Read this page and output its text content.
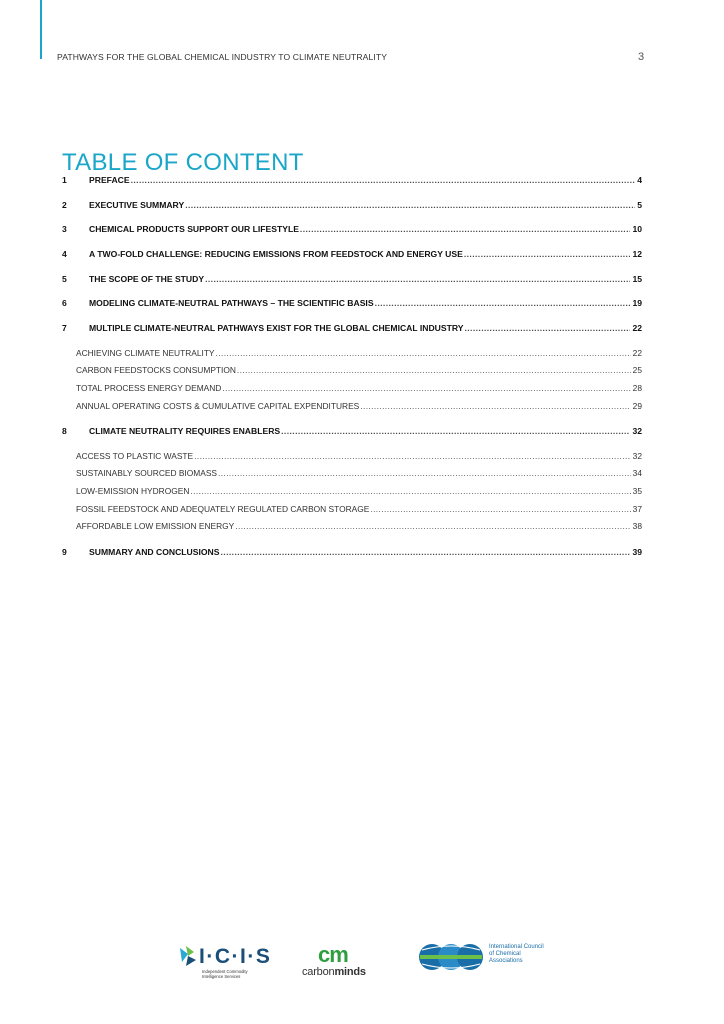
PATHWAYS FOR THE GLOBAL CHEMICAL INDUSTRY TO CLIMATE NEUTRALITY	3
TABLE OF CONTENT
1	PREFACE .....	4
2	EXECUTIVE SUMMARY .....	5
3	CHEMICAL PRODUCTS SUPPORT OUR LIFESTYLE .....	10
4	A TWO-FOLD CHALLENGE: REDUCING EMISSIONS FROM FEEDSTOCK AND ENERGY USE .....	12
5	THE SCOPE OF THE STUDY .....	15
6	MODELING CLIMATE-NEUTRAL PATHWAYS – THE SCIENTIFIC BASIS .....	19
7	MULTIPLE CLIMATE-NEUTRAL PATHWAYS EXIST FOR THE GLOBAL CHEMICAL INDUSTRY .....	22
ACHIEVING CLIMATE NEUTRALITY .....	22
CARBON FEEDSTOCKS CONSUMPTION .....	25
TOTAL PROCESS ENERGY DEMAND .....	28
ANNUAL OPERATING COSTS & CUMULATIVE CAPITAL EXPENDITURES .....	29
8	CLIMATE NEUTRALITY REQUIRES ENABLERS .....	32
ACCESS TO PLASTIC WASTE .....	32
SUSTAINABLY SOURCED BIOMASS .....	34
LOW-EMISSION HYDROGEN .....	35
FOSSIL FEEDSTOCK AND ADEQUATELY REGULATED CARBON STORAGE .....	37
AFFORDABLE LOW EMISSION ENERGY .....	38
9	SUMMARY AND CONCLUSIONS .....	39
I·C·I·S
Independent Commodity Intelligence Services
cm
carbonminds
International Council of Chemical Associations
